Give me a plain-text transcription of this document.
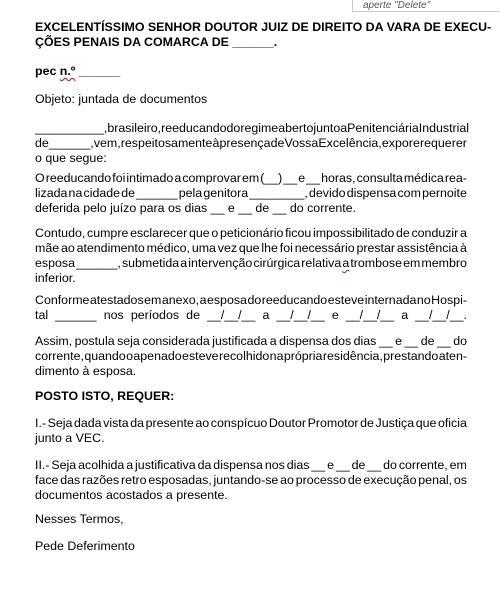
aperte "Delete"
EXCELENTÍSSIMO SENHOR DOUTOR JUIZ DE DIREITO DA VARA DE EXECU-
ÇÕES PENAIS DA COMARCA DE ______.
pec n.º ______
Objeto: juntada de documentos
__________, brasileiro, reeducando do regime aberto junto a Penitenciária Industrial
de ______, vem, respeitosamente à presença de Vossa Excelência, expor e requerer
o que segue:
O reeducando foi intimado a comprovar em (__) __ e __ horas, consulta médica rea-
lizada na cidade de ______ pela genitora ________, devido dispensa com pernoite
deferida pelo juízo para os dias __ e __ de __ do corrente.
Contudo, cumpre esclarecer que o peticionário ficou impossibilitado de conduzir a
mãe ao atendimento médico, uma vez que lhe foi necessário prestar assistência à
esposa ______, submetida a intervenção cirúrgica relativa a trombose em membro
inferior.
Conforme atestados em anexo, a esposa do reeducando esteve internada no Hospi-
tal ______ nos períodos de __/__/__ a __/__/__ e __/__/__ a __/__/__.
Assim, postula seja considerada justificada a dispensa dos dias __ e __ de __ do
corrente, quando o apenado esteve recolhido na própria residência, prestando aten-
dimento à esposa.
POSTO ISTO, REQUER:
I.- Seja dada vista da presente ao conspícuo Doutor Promotor de Justiça que oficia
junto a VEC.
II.- Seja acolhida a justificativa da dispensa nos dias __ e __ de __ do corrente, em
face das razões retro esposadas, juntando-se ao processo de execução penal, os
documentos acostados a presente.
Nesses Termos,
Pede Deferimento
